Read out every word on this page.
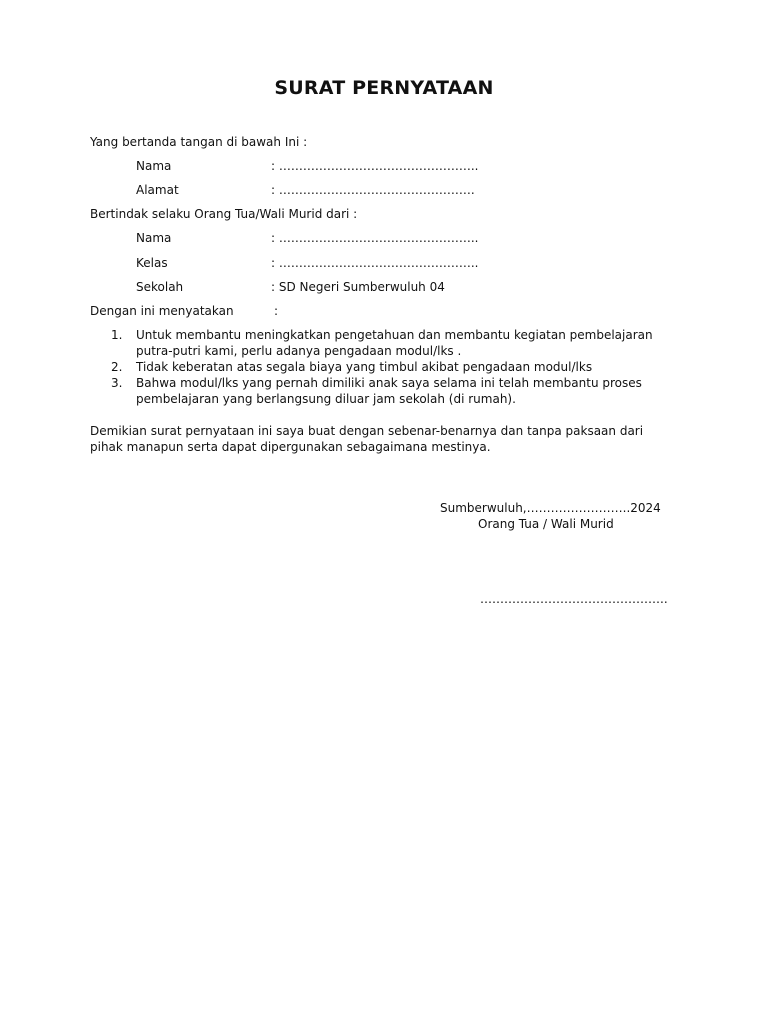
SURAT PERNYATAAN
Yang bertanda tangan di bawah Ini :
Nama	: …………………………………………..
Alamat	: ………………………………………….
Bertindak selaku Orang Tua/Wali Murid dari :
Nama	: …………………………………………..
Kelas	: …………………………………………..
Sekolah	: SD Negeri Sumberwuluh 04
Dengan ini menyatakan	:
1. Untuk membantu meningkatkan pengetahuan dan membantu kegiatan pembelajaran
putra-putri kami, perlu adanya pengadaan modul/lks .
2. Tidak keberatan atas segala biaya yang timbul akibat pengadaan modul/lks
3. Bahwa modul/lks yang pernah dimiliki anak saya selama ini telah membantu proses
pembelajaran yang berlangsung diluar jam sekolah (di rumah).
Demikian surat pernyataan ini saya buat dengan sebenar-benarnya dan tanpa paksaan dari
pihak manapun serta dapat dipergunakan sebagaimana mestinya.
Sumberwuluh,……………………..2024
Orang Tua / Wali Murid
………………………………………..
